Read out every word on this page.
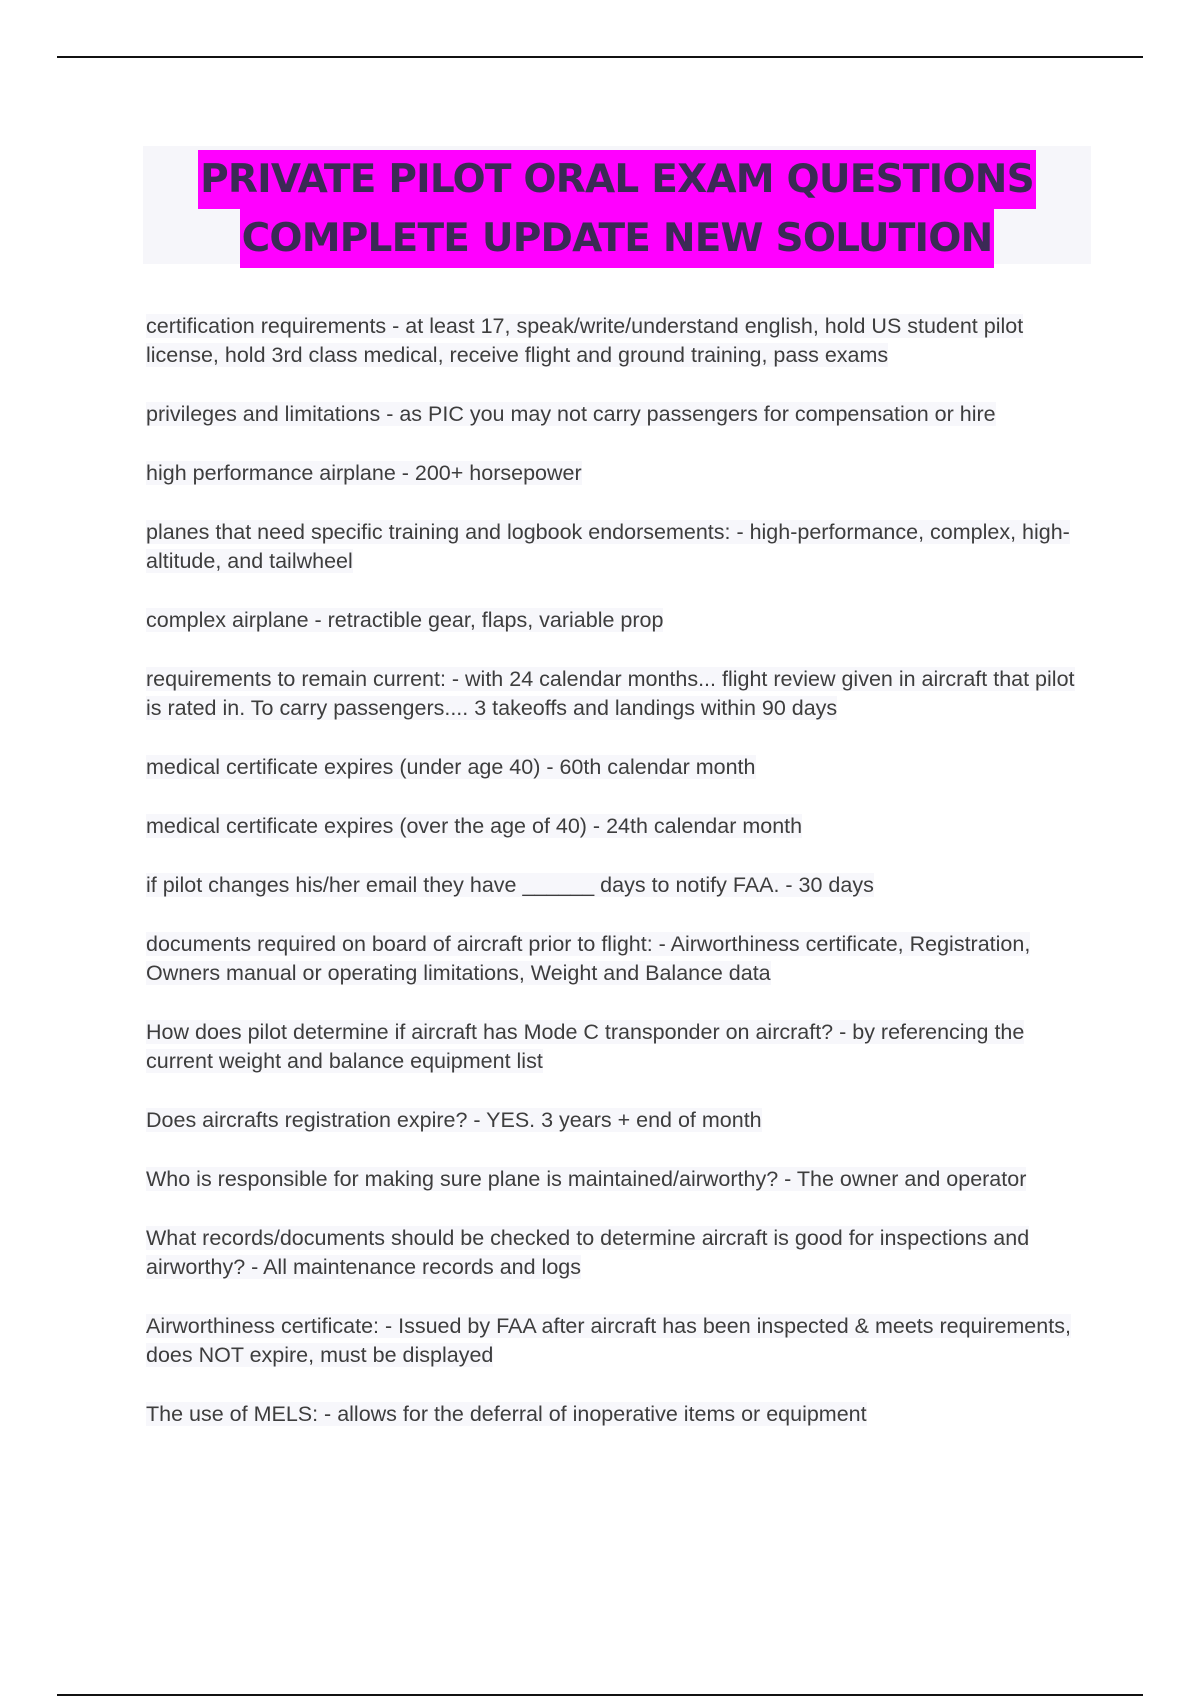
PRIVATE PILOT ORAL EXAM QUESTIONS
COMPLETE UPDATE NEW SOLUTION
certification requirements - at least 17, speak/write/understand english, hold US student pilot license, hold 3rd class medical, receive flight and ground training, pass exams
privileges and limitations - as PIC you may not carry passengers for compensation or hire
high performance airplane - 200+ horsepower
planes that need specific training and logbook endorsements: - high-performance, complex, high-altitude, and tailwheel
complex airplane - retractible gear, flaps, variable prop
requirements to remain current: - with 24 calendar months... flight review given in aircraft that pilot is rated in. To carry passengers.... 3 takeoffs and landings within 90 days
medical certificate expires (under age 40) - 60th calendar month
medical certificate expires (over the age of 40) - 24th calendar month
if pilot changes his/her email they have ______ days to notify FAA. - 30 days
documents required on board of aircraft prior to flight: - Airworthiness certificate, Registration, Owners manual or operating limitations, Weight and Balance data
How does pilot determine if aircraft has Mode C transponder on aircraft? - by referencing the current weight and balance equipment list
Does aircrafts registration expire? - YES. 3 years + end of month
Who is responsible for making sure plane is maintained/airworthy? - The owner and operator
What records/documents should be checked to determine aircraft is good for inspections and airworthy? - All maintenance records and logs
Airworthiness certificate: - Issued by FAA after aircraft has been inspected & meets requirements, does NOT expire, must be displayed
The use of MELS: - allows for the deferral of inoperative items or equipment
